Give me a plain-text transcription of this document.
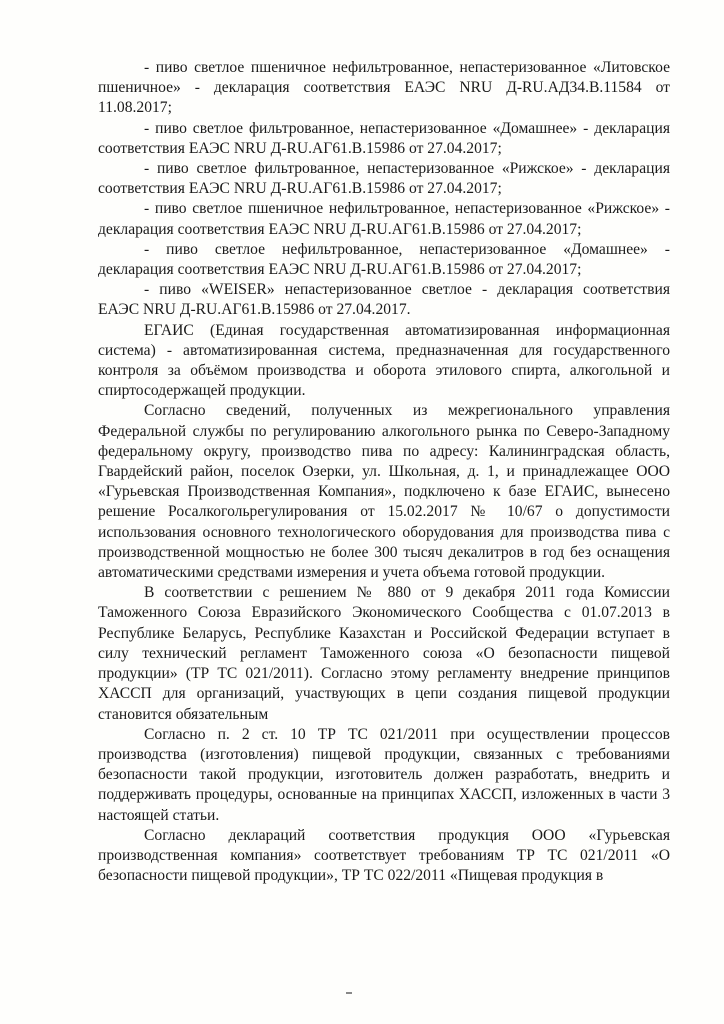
- пиво светлое пшеничное нефильтрованное, непастеризованное «Литовское пшеничное» - декларация соответствия ЕАЭС NRU Д-RU.АД34.В.11584 от 11.08.2017;

- пиво светлое фильтрованное, непастеризованное «Домашнее» - декларация соответствия ЕАЭС NRU Д-RU.АГ61.В.15986 от 27.04.2017;

- пиво светлое фильтрованное, непастеризованное «Рижское» - декларация соответствия ЕАЭС NRU Д-RU.АГ61.В.15986 от 27.04.2017;

- пиво светлое пшеничное нефильтрованное, непастеризованное «Рижское» - декларация соответствия ЕАЭС NRU Д-RU.АГ61.В.15986 от 27.04.2017;

- пиво светлое нефильтрованное, непастеризованное «Домашнее» - декларация соответствия ЕАЭС NRU Д-RU.АГ61.В.15986 от 27.04.2017;

- пиво «WEISER» непастеризованное светлое - декларация соответствия ЕАЭС NRU Д-RU.АГ61.В.15986 от 27.04.2017.

ЕГАИС (Единая государственная автоматизированная информационная система) - автоматизированная система, предназначенная для государственного контроля за объёмом производства и оборота этилового спирта, алкогольной и спиртосодержащей продукции.

Согласно сведений, полученных из межрегионального управления Федеральной службы по регулированию алкогольного рынка по Северо-Западному федеральному округу, производство пива по адресу: Калининградская область, Гвардейский район, поселок Озерки, ул. Школьная, д. 1, и принадлежащее ООО «Гурьевская Производственная Компания», подключено к базе ЕГАИС, вынесено решение Росалкогольрегулирования от 15.02.2017 № 10/67 о допустимости использования основного технологического оборудования для производства пива с производственной мощностью не более 300 тысяч декалитров в год без оснащения автоматическими средствами измерения и учета объема готовой продукции.

В соответствии с решением № 880 от 9 декабря 2011 года Комиссии Таможенного Союза Евразийского Экономического Сообщества с 01.07.2013 в Республике Беларусь, Республике Казахстан и Российской Федерации вступает в силу технический регламент Таможенного союза «О безопасности пищевой продукции» (ТР ТС 021/2011). Согласно этому регламенту внедрение принципов ХАССП для организаций, участвующих в цепи создания пищевой продукции становится обязательным

Согласно п. 2 ст. 10 ТР ТС 021/2011 при осуществлении процессов производства (изготовления) пищевой продукции, связанных с требованиями безопасности такой продукции, изготовитель должен разработать, внедрить и поддерживать процедуры, основанные на принципах ХАССП, изложенных в части 3 настоящей статьи.

Согласно деклараций соответствия продукция ООО «Гурьевская производственная компания» соответствует требованиям ТР ТС 021/2011 «О безопасности пищевой продукции», ТР ТС 022/2011 «Пищевая продукция в
